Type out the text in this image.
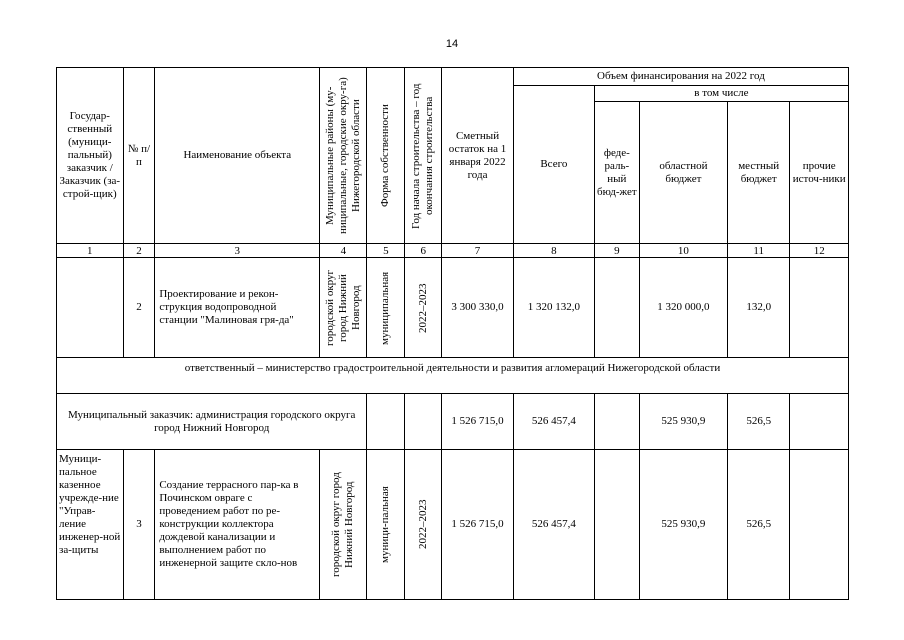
14
Государ-ственный (муници-пальный) заказчик / Заказчик (за-строй-щик)	№ п/п	Наименование объекта	Муниципальные районы (му-ниципальные, городские окру-га) Нижегородской области	Форма собственности	Год начала строительства – год окончания строительства	Сметный остаток на 1 января 2022 года	Объем финансирования на 2022 год				
							Всего	в том числе			
								феде-раль-ный бюд-жет	областной бюджет	местный бюджет	прочие источ-ники
1	2	3	4	5	6	7	8	9	10	11	12
	2	Проектирование и рекон-струкция водопроводной станции "Малиновая гря-да"	городской округ город Нижний Новгород	муниципальная	2022–2023	3 300 330,0	1 320 132,0		1 320 000,0	132,0	
ответственный – министерство градостроительной деятельности и развития агломераций Нижегородской области											
Муниципальный заказчик: администрация городского округа город Нижний Новгород						1 526 715,0	526 457,4		525 930,9	526,5	
Муници-пальное казенное учрежде-ние "Управ-ление инженер-ной за-щиты	3	Создание террасного пар-ка в Починском овраге с проведением работ по ре-конструкции коллектора дождевой канализации и выполнением работ по инженерной защите скло-нов	городской округ город Нижний Новгород	муници-пальная	2022–2023	1 526 715,0	526 457,4		525 930,9	526,5	
